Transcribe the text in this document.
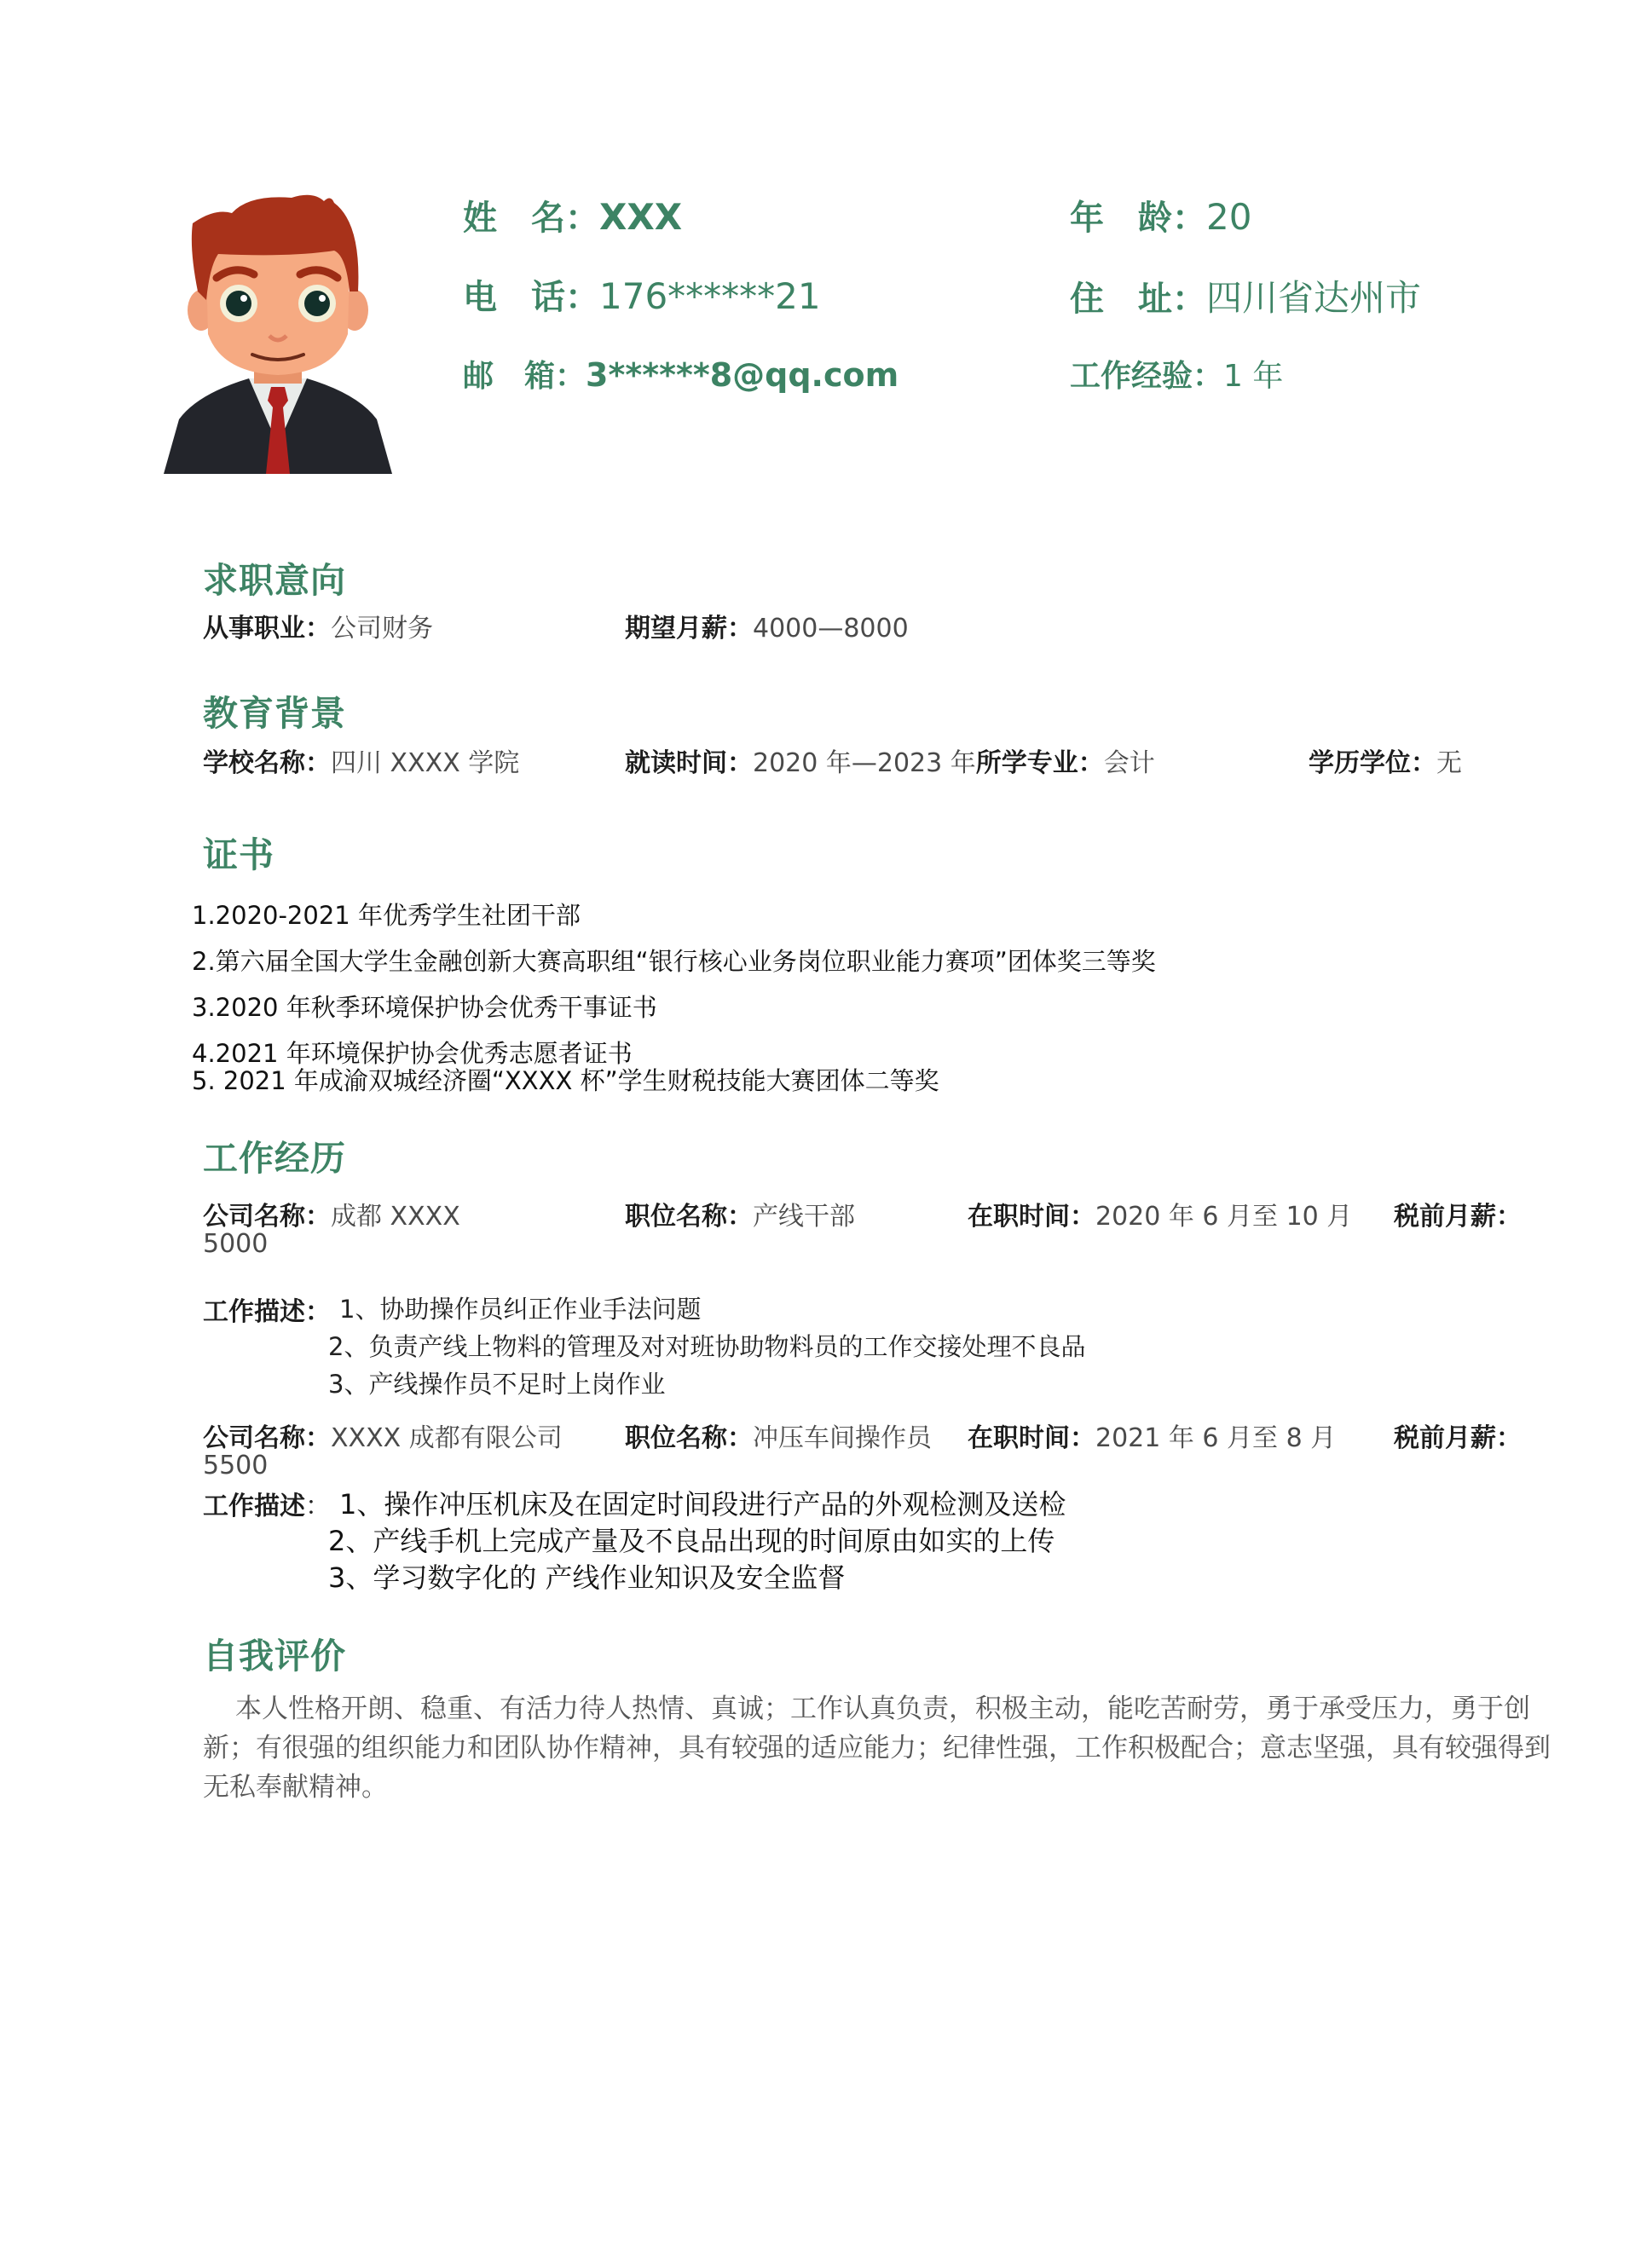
姓　名：XXX
电　话：176******21
邮　箱：3******8@qq.com
年　龄：20
住　址：四川省达州市
工作经验：1 年
求职意向
从事职业：公司财务	期望月薪：4000—8000
教育背景
学校名称：四川 XXXX 学院	就读时间：2020 年—2023 年所学专业：会计	学历学位：无
证书
1.2020-2021 年优秀学生社团干部
2.第六届全国大学生金融创新大赛高职组“银行核心业务岗位职业能力赛项”团体奖三等奖
3.2020 年秋季环境保护协会优秀干事证书
4.2021 年环境保护协会优秀志愿者证书
5. 2021 年成渝双城经济圈“XXXX 杯”学生财税技能大赛团体二等奖
工作经历
公司名称：成都 XXXX	职位名称：产线干部	在职时间：2020 年 6 月至 10 月 税前月薪：
5000
工作描述： 1、协助操作员纠正作业手法问题
2、负责产线上物料的管理及对对班协助物料员的工作交接处理不良品
3、产线操作员不足时上岗作业
公司名称：XXXX 成都有限公司 职位名称：冲压车间操作员 在职时间：2021 年 6 月至 8 月 税前月薪：
5500
工作描述： 1、操作冲压机床及在固定时间段进行产品的外观检测及送检
2、产线手机上完成产量及不良品出现的时间原由如实的上传
3、学习数字化的 产线作业知识及安全监督
自我评价
本人性格开朗、稳重、有活力待人热情、真诚；工作认真负责，积极主动，能吃苦耐劳，勇于承受压力，勇于创新；有很强的组织能力和团队协作精神，具有较强的适应能力；纪律性强，工作积极配合；意志坚强，具有较强得到无私奉献精神。
